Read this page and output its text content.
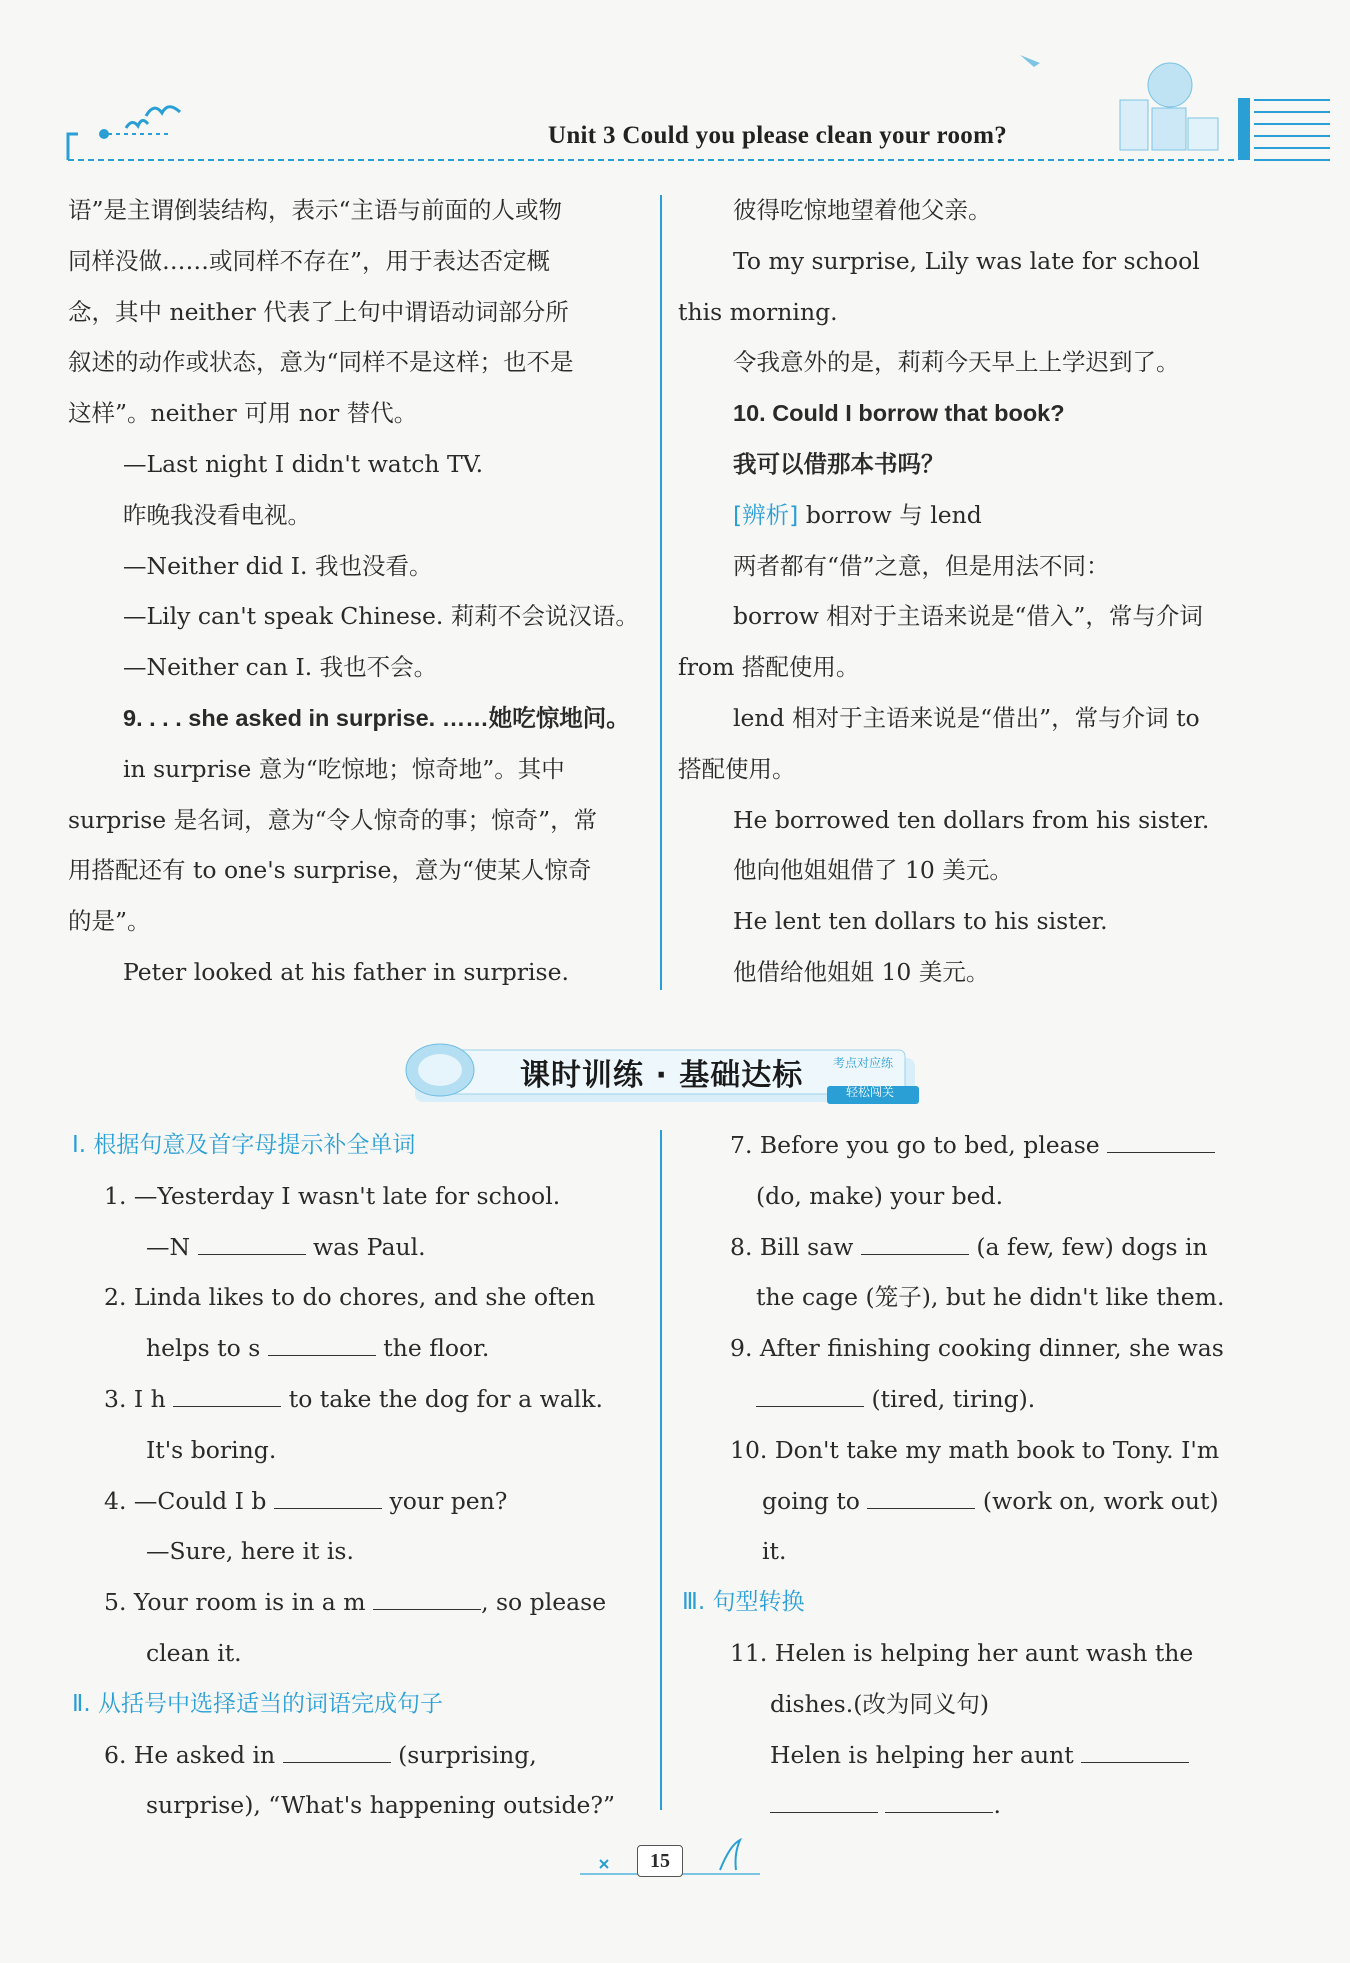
Unit 3 Could you please clean your room?

语”是主谓倒装结构，表示“主语与前面的人或物

同样没做……或同样不存在”，用于表达否定概

念，其中 neither 代表了上句中谓语动词部分所

叙述的动作或状态，意为“同样不是这样；也不是

这样”。neither 可用 nor 替代。

—Last night I didn't watch TV.

昨晚我没看电视。

—Neither did I. 我也没看。

—Lily can't speak Chinese. 莉莉不会说汉语。

—Neither can I. 我也不会。

9. . . . she asked in surprise. ……她吃惊地问。

in surprise 意为“吃惊地；惊奇地”。其中

surprise 是名词，意为“令人惊奇的事；惊奇”，常

用搭配还有 to one's surprise，意为“使某人惊奇

的是”。

Peter looked at his father in surprise.

彼得吃惊地望着他父亲。

To my surprise, Lily was late for school

this morning.

令我意外的是，莉莉今天早上上学迟到了。

10. Could I borrow that book?

我可以借那本书吗？

[辨析] borrow 与 lend

两者都有“借”之意，但是用法不同：

borrow 相对于主语来说是“借入”，常与介词

from 搭配使用。

lend 相对于主语来说是“借出”，常与介词 to

搭配使用。

He borrowed ten dollars from his sister.

他向他姐姐借了 10 美元。

He lent ten dollars to his sister.

他借给他姐姐 10 美元。

课时训练 · 基础达标 考点对应练
轻松闯关

Ⅰ. 根据句意及首字母提示补全单词

1. —Yesterday I wasn't late for school.

—N	was Paul.

2. Linda likes to do chores, and she often

helps to s	the floor.

3. I h	to take the dog for a walk.

It's boring.

4. —Could I b	your pen?

—Sure, here it is.

5. Your room is in a m	, so please

clean it.

Ⅱ. 从括号中选择适当的词语完成句子

6. He asked in	(surprising,

surprise), “What's happening outside?”

7. Before you go to bed, please

(do, make) your bed.

8. Bill saw	(a few, few) dogs in

the cage (笼子), but he didn't like them.

9. After finishing cooking dinner, she was

(tired, tiring).

10. Don't take my math book to Tony. I'm

going to	(work on, work out)

it.

Ⅲ. 句型转换

11. Helen is helping her aunt wash the

dishes.(改为同义句)

Helen is helping her aunt

.

15
